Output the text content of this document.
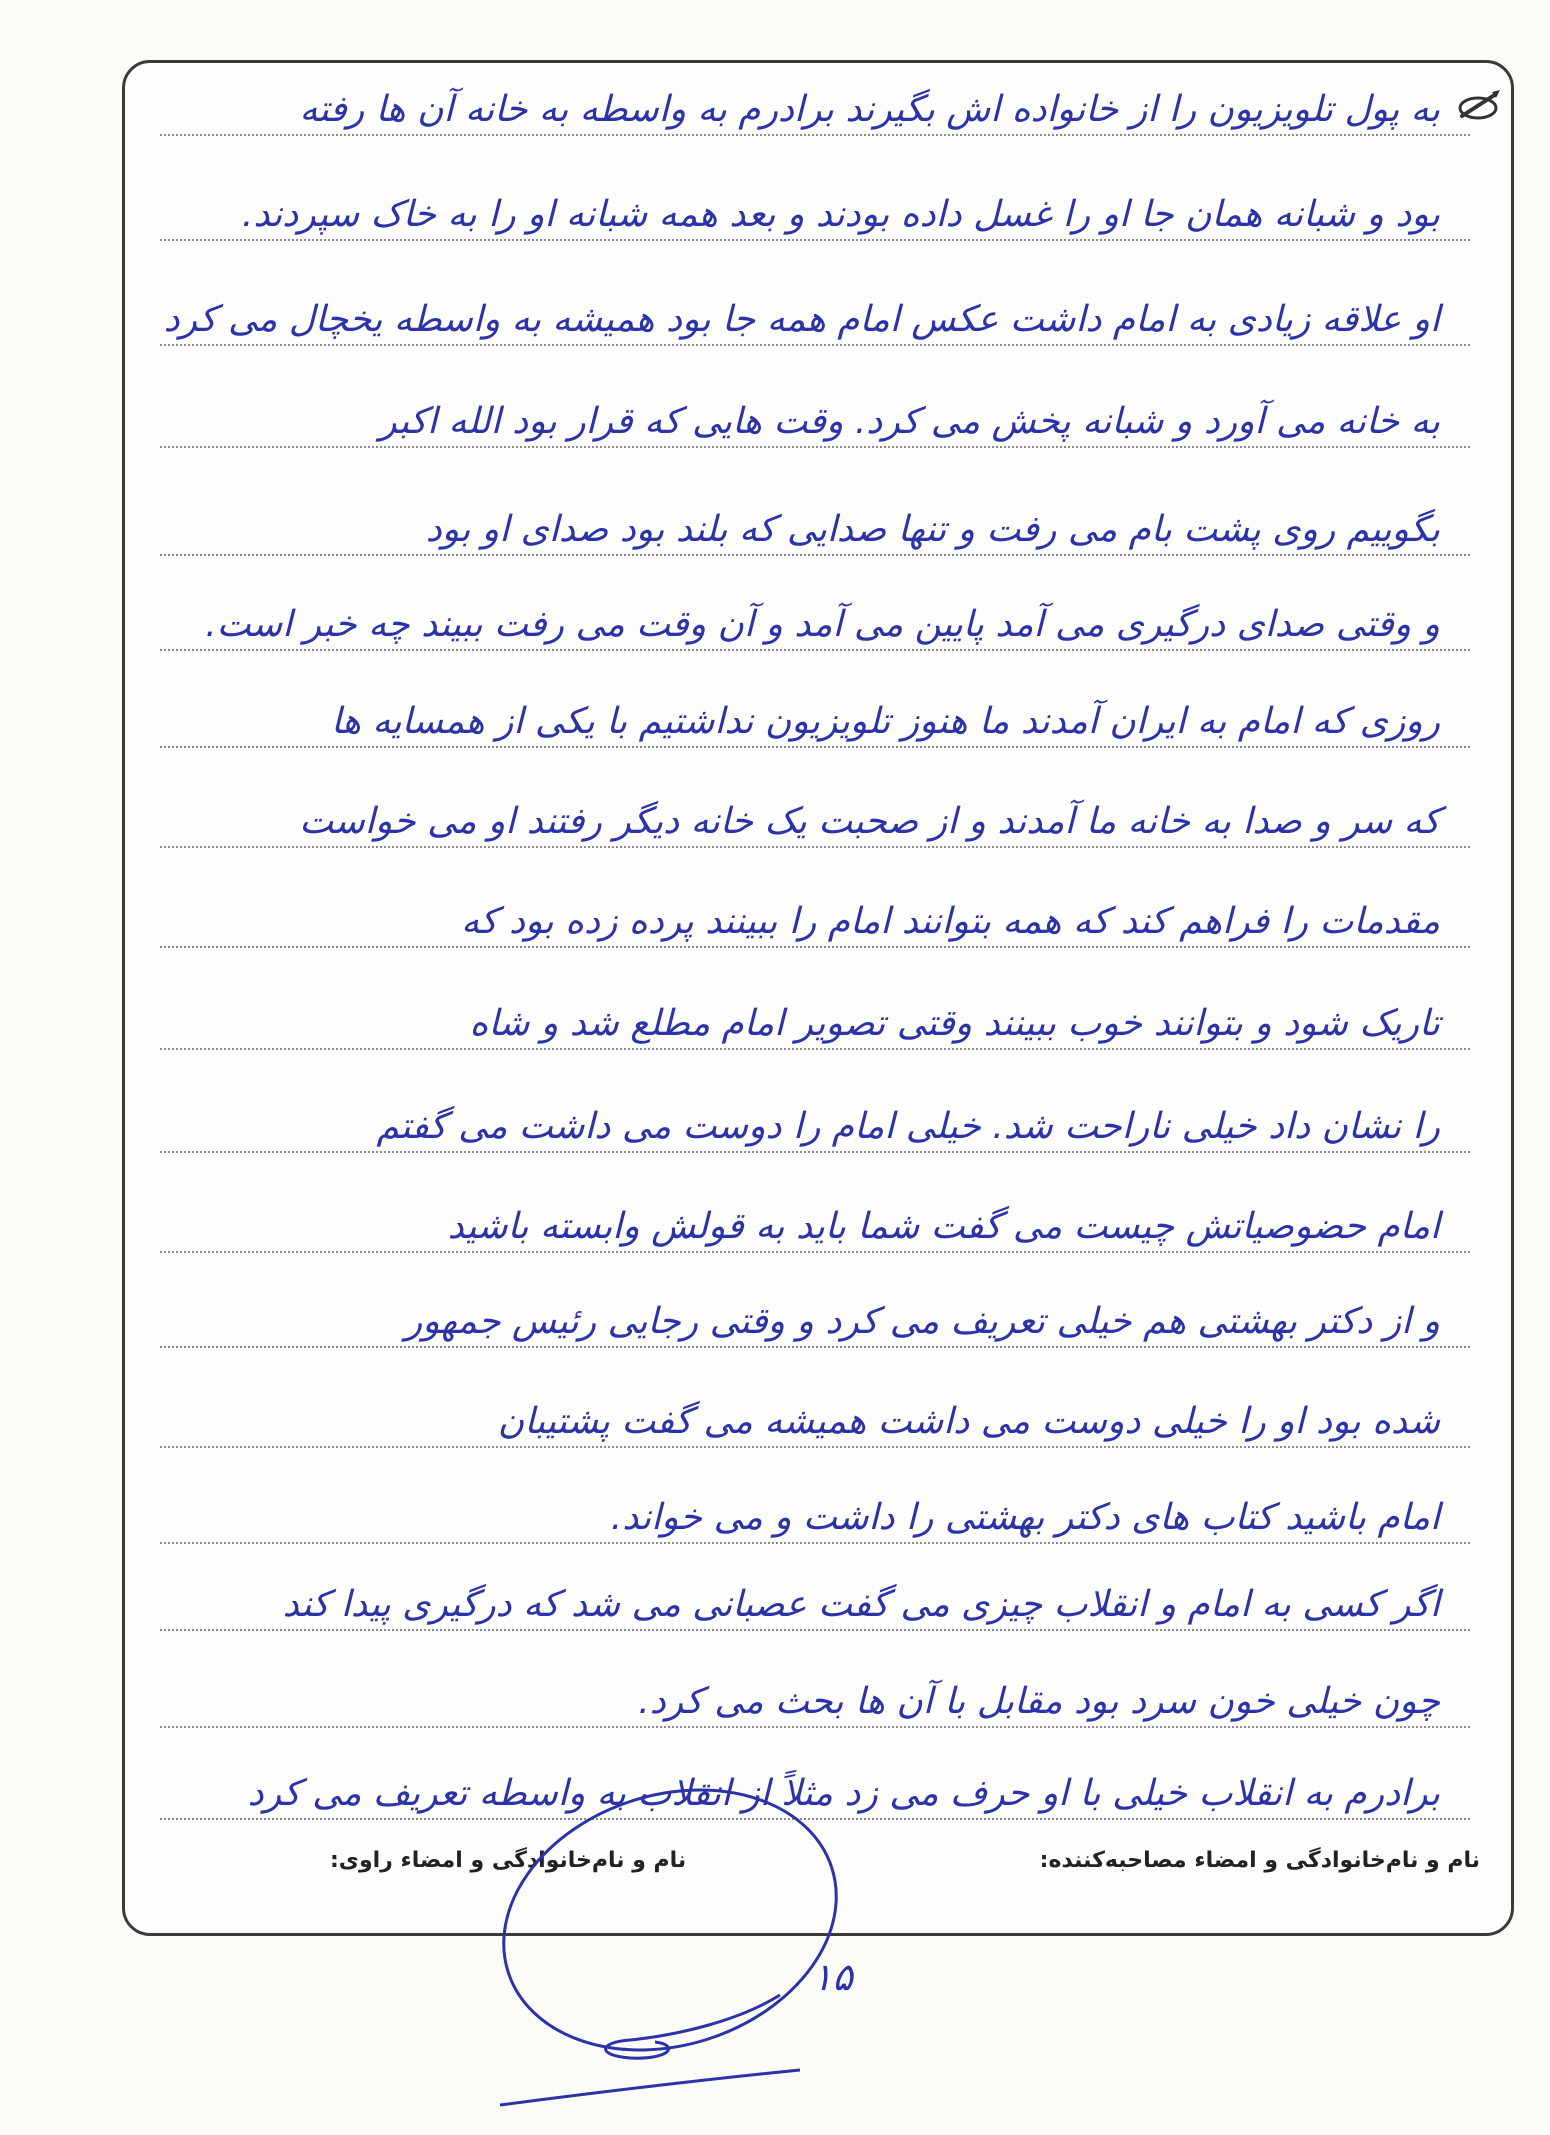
به پول تلویزیون را از خانواده اش بگیرند برادرم به واسطه به خانه آن ها رفته
بود و شبانه همان جا او را غسل داده بودند و بعد همه شبانه او را به خاک سپردند.
او علاقه زیادی به امام داشت عکس امام همه جا بود همیشه به واسطه یخچال می کرد
به خانه می آورد و شبانه پخش می کرد. وقت هایی که قرار بود الله اکبر
بگوییم روی پشت بام می رفت و تنها صدایی که بلند بود صدای او بود
و وقتی صدای درگیری می آمد پایین می آمد و آن وقت می رفت ببیند چه خبر است.
روزی که امام به ایران آمدند ما هنوز تلویزیون نداشتیم با یکی از همسایه ها
که سر و صدا به خانه ما آمدند و از صحبت یک خانه دیگر رفتند او می خواست
مقدمات را فراهم کند که همه بتوانند امام را ببینند پرده زده بود که
تاریک شود و بتوانند خوب ببینند وقتی تصویر امام مطلع شد و شاه
را نشان داد خیلی ناراحت شد. خیلی امام را دوست می داشت می گفتم
امام حضوصیاتش چیست می گفت شما باید به قولش وابسته باشید
و از دکتر بهشتی هم خیلی تعریف می کرد و وقتی رجایی رئیس جمهور
شده بود او را خیلی دوست می داشت همیشه می گفت پشتیبان
امام باشید کتاب های دکتر بهشتی را داشت و می خواند.
اگر کسی به امام و انقلاب چیزی می گفت عصبانی می شد که درگیری پیدا کند
چون خیلی خون سرد بود مقابل با آن ها بحث می کرد.
برادرم به انقلاب خیلی با او حرف می زد مثلاً از انقلاب به واسطه تعریف می کرد
نام و نام‌خانوادگی و امضاء مصاحبه‌کننده:
نام و نام‌خانوادگی و امضاء راوی:
۱۵
